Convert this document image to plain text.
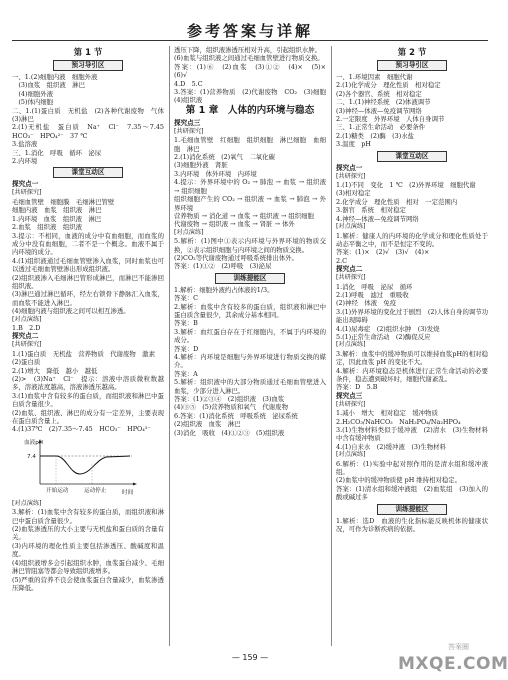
参考答案与详解
第 1 节
预习导引区
一、1.(2)细胞内液　细胞外液
　(3)血浆　组织液　淋巴
　(4)细胞外液
　(5)体内细胞
二、1.(1)蛋白质　无机盐　(2)各种代谢废物　气体　(3)淋巴
2.(1)无机盐　蛋白质　Na⁺　Cl⁻　7.35～7.45　HCO₃⁻　HPO₄²⁻　37 ℃
3.盐溶液
三、1.消化　呼吸　循环　泌尿
2.内环境
课堂互动区
探究点一
[共研探究]
毛细血管壁　细胞膜　毛细淋巴管壁
细胞内液　血浆　组织液　淋巴
1.内环境　血浆　组织液　淋巴
2.血浆　组织液　组织液
3.提示：不相同，血液的成分中有血细胞，而血浆的成分中没有血细胞，二者不是一个概念。血液不属于内环境的成分。
4.(1)组织液通过毛细血管壁渗入血浆，同时血浆也可以透过毛细血管壁渗出形成组织液。
(2)组织液渗入毛细淋巴管形成淋巴，而淋巴不能渗回组织液。
(3)淋巴通过淋巴循环，经左右锁骨下静脉汇入血浆，而血浆不能进入淋巴。
(4)细胞内液与组织液之间可以相互渗透。
[对点演练]
1.B　2.D
探究点二
[共研探究]
1.(1)蛋白质　无机盐　营养物质　代谢废物　激素
(2)蛋白质
2.(1)增大　降低　越小　越低
(2)>　(3)Na⁺　Cl⁻　提示：溶液中溶质微粒数越多，溶液浓度越高，溶液渗透压越高。
3.(1)血浆中含有较多的蛋白质，而组织液和淋巴中蛋白质含量很少。
(2)血浆、组织液、淋巴的成分有一定差异，主要表现在蛋白质含量上。
4.(1)37℃　(2)7.35～7.45　HCO₃⁻　HPO₄²⁻
血液pH
7.4
开始运动	运动停止	时间
[对点演练]
3.解析：(1)血浆中含有较多的蛋白质，而组织液和淋巴中蛋白质含量很少。
(2)血浆渗透压的大小主要与无机盐和蛋白质的含量有关。
(3)内环境的理化性质主要包括渗透压、酸碱度和温度。
(4)组织液增多会引起组织水肿，血浆蛋白减少、毛细淋巴管阻塞等都会导致组织液增多。
(5)严重的营养不良会使血浆蛋白含量减少，血浆渗透压降低。
透压下降，组织液渗透压相对升高，引起组织水肿。
(6)血浆与组织液之间通过毛细血管壁进行物质交换。
答案：(1)⑥　(2)血浆　(3)①②　(4)×　(5)×　(6)√
4.D　5.C
3.答案：(1)营养物质　(2)代谢废物　CO₂　(3)细胞　(4)组织液
第 1 章　人体的内环境与稳态
探究点三
[共研探究]
1.毛细血管壁　红细胞　组织细胞　淋巴细胞　血细胞　淋巴
2.(1)消化系统　(2)氧气　二氧化碳
(3)细胞外液　肾脏
3.内环境　体外环境　内环境
4.提示：外界环境中的 O₂ → 肺泡 → 血浆 → 组织液 → 组织细胞
组织细胞产生的 CO₂ → 组织液 → 血浆 → 肺泡 → 外界环境
营养物质 → 消化道 → 血浆 → 组织液 → 组织细胞
代谢废物 → 组织液 → 血浆 → 肾脏 → 体外
[对点演练]
5.解析：(1)图中①表示内环境与外界环境的物质交换，②表示组织细胞与内环境之间的物质交换。
(2)CO₂等代谢废物通过呼吸系统排出体外。
答案：(1)①②　(2)呼吸　(3)泌尿
训练提能区
1.解析：细胞外液约占体液的1/3。
答案：C
2.解析：血浆中含有较多的蛋白质，组织液和淋巴中蛋白质含量很少，其余成分基本相同。
答案：B
3.解析：血红蛋白存在于红细胞内，不属于内环境的成分。
答案：D
4.解析：内环境是细胞与外界环境进行物质交换的媒介。
答案：A
5.解析：组织液中的大部分物质通过毛细血管壁进入血浆，少部分进入淋巴。
答案：(1)②③④　(2)组织液　(3)血浆
(4)③⑤　(5)营养物质和氧气　代谢废物
6.答案：(1)消化系统　呼吸系统　泌尿系统
(2)组织液　血浆　淋巴
(3)消化　吸收　(4)①②③　(5)组织液
第 2 节
预习导引区
一、1.环境因素　细胞代谢
2.(1)化学成分　理化性质　相对稳定
(2)各个器官、系统　相对稳定
二、1.(1)神经系统　(2)体液调节
(3)神经—体液—免疫调节网络
2.一定限度　外界环境　人体自身调节
三、1.正常生命活动　必要条件
2.(1)糖类　(2)酶　(3)水盐
3.温度　pH
课堂互动区
探究点一
[共研探究]
1.(1)不同　变化　1 ℃　(2)外界环境　细胞代谢
(3)相对稳定
2.化学成分　理化性质　相对　一定范围内
3.器官　系统　相对稳定
4.神经—体液—免疫调节网络
[对点演练]
1.解析：健康人的内环境的化学成分和理化性质处于动态平衡之中，而不是恒定不变的。
答案：(1)×　(2)√　(3)√　(4)×
2.C
探究点二
[共研探究]
1.消化　呼吸　泌尿　循环
2.(1)呼吸　滤过　重吸收
(2)神经　体液　免疫
3.(1)外界环境的变化过于剧烈　(2)人体自身的调节功能出现障碍
4.(1)尿毒症　(2)组织水肿　(3)发烧
5.(1)正常生命活动　(2)酶促反应
[对点演练]
3.解析：血浆中的缓冲物质可以维持血浆pH的相对稳定，因此血浆 pH 的变化不大。
4.解析：内环境稳态是机体进行正常生命活动的必要条件，稳态遭到破坏时，细胞代谢紊乱。
答案：D　5.B
探究点三
[共研探究]
1.减小　增大　相对稳定　缓冲物质
2.H₂CO₃/NaHCO₃　NaH₂PO₄/Na₂HPO₄
3.(1)生物材料类似于缓冲液　(2)清水　(3)生物材料中含有缓冲物质
4.(1)自来水　(2)缓冲液　(3)生物材料
[对点演练]
6.解析：(1)实验中起对照作用的是清水组和缓冲液组。
(2)血浆中的缓冲物质使 pH 维持相对稳定。
答案：(1)清水组和缓冲液组　(2)血浆组　(3)加入的酸或碱过多
训练提能区
1.解析：选D　血液的生化指标能反映机体的健康状况，可作为诊断疾病的依据。
— 159 —
答案圈
MXQE.COM
